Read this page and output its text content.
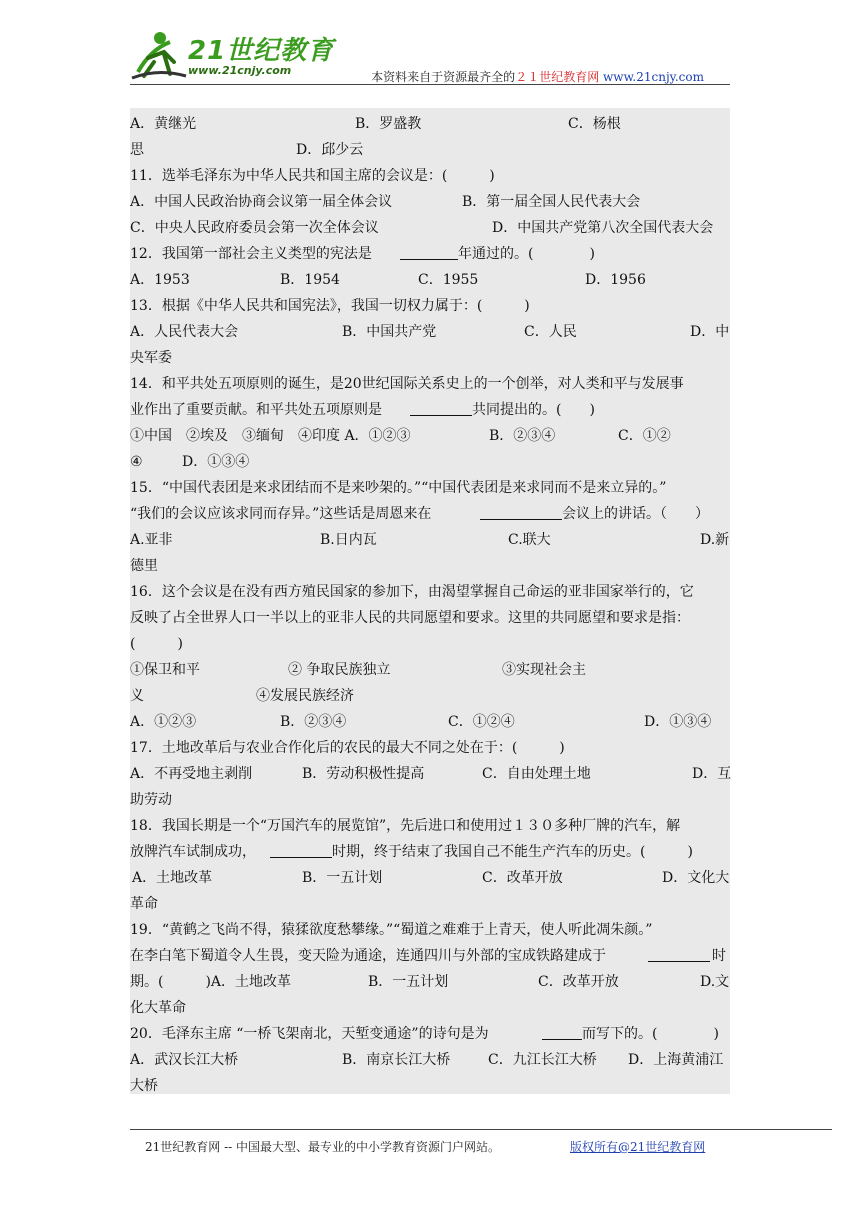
21世纪教育
www.21cnjy.com	本资料来自于资源最齐全的２１世纪教育网 www.21cnjy.com
A．黄继光	B．罗盛教	C．杨根
思	D．邱少云
11．选举毛泽东为中华人民共和国主席的会议是：(　　　)
A．中国人民政治协商会议第一届全体会议	B．第一届全国人民代表大会
C．中央人民政府委员会第一次全体会议	D．中国共产党第八次全国代表大会
12．我国第一部社会主义类型的宪法是	年通过的。(　　　　)
A．1953	B．1954	C．1955	D．1956
13．根据《中华人民共和国宪法》，我国一切权力属于：(　　　)
A．人民代表大会	B．中国共产党	C．人民	D．中
央军委
14．和平共处五项原则的诞生，是20世纪国际关系史上的一个创举，对人类和平与发展事
业作出了重要贡献。和平共处五项原则是	共同提出的。(　　)
①中国　②埃及　③缅甸　④印度 A．①②③	B．②③④	C．①②
④	D．①③④
15．“中国代表团是来求团结而不是来吵架的。”“中国代表团是来求同而不是来立异的。”
“我们的会议应该求同而存异。”这些话是周恩来在	会议上的讲话。（　　）
A.亚非	B.日内瓦	C.联大	D.新
德里
16．这个会议是在没有西方殖民国家的参加下，由渴望掌握自己命运的亚非国家举行的，它
反映了占全世界人口一半以上的亚非人民的共同愿望和要求。这里的共同愿望和要求是指：
(　　　)
①保卫和平	② 争取民族独立	③实现社会主
义	④发展民族经济
A．①②③	B．②③④	C．①②④	D．①③④
17．土地改革后与农业合作化后的农民的最大不同之处在于：(　　　)
A．不再受地主剥削	B．劳动积极性提高	C．自由处理土地	D．互
助劳动
18．我国长期是一个“万国汽车的展览馆”，先后进口和使用过１３０多种厂牌的汽车，解
放牌汽车试制成功，	时期，终于结束了我国自己不能生产汽车的历史。(　　　)
A．土地改革	B．一五计划	C．改革开放	D．文化大
革命
19．“黄鹤之飞尚不得，猿猱欲度愁攀缘。”“蜀道之难难于上青天，使人听此凋朱颜。”
在李白笔下蜀道令人生畏，变天险为通途，连通四川与外部的宝成铁路建成于	时
期。(　　　)A．土地改革	B．一五计划	C．改革开放	D.文
化大革命
20．毛泽东主席 “一桥飞架南北，天堑变通途”的诗句是为	而写下的。(　　　　)
A．武汉长江大桥	B．南京长江大桥	C．九江长江大桥 D．上海黄浦江
大桥
21世纪教育网 -- 中国最大型、最专业的中小学教育资源门户网站。	版权所有@21世纪教育网
